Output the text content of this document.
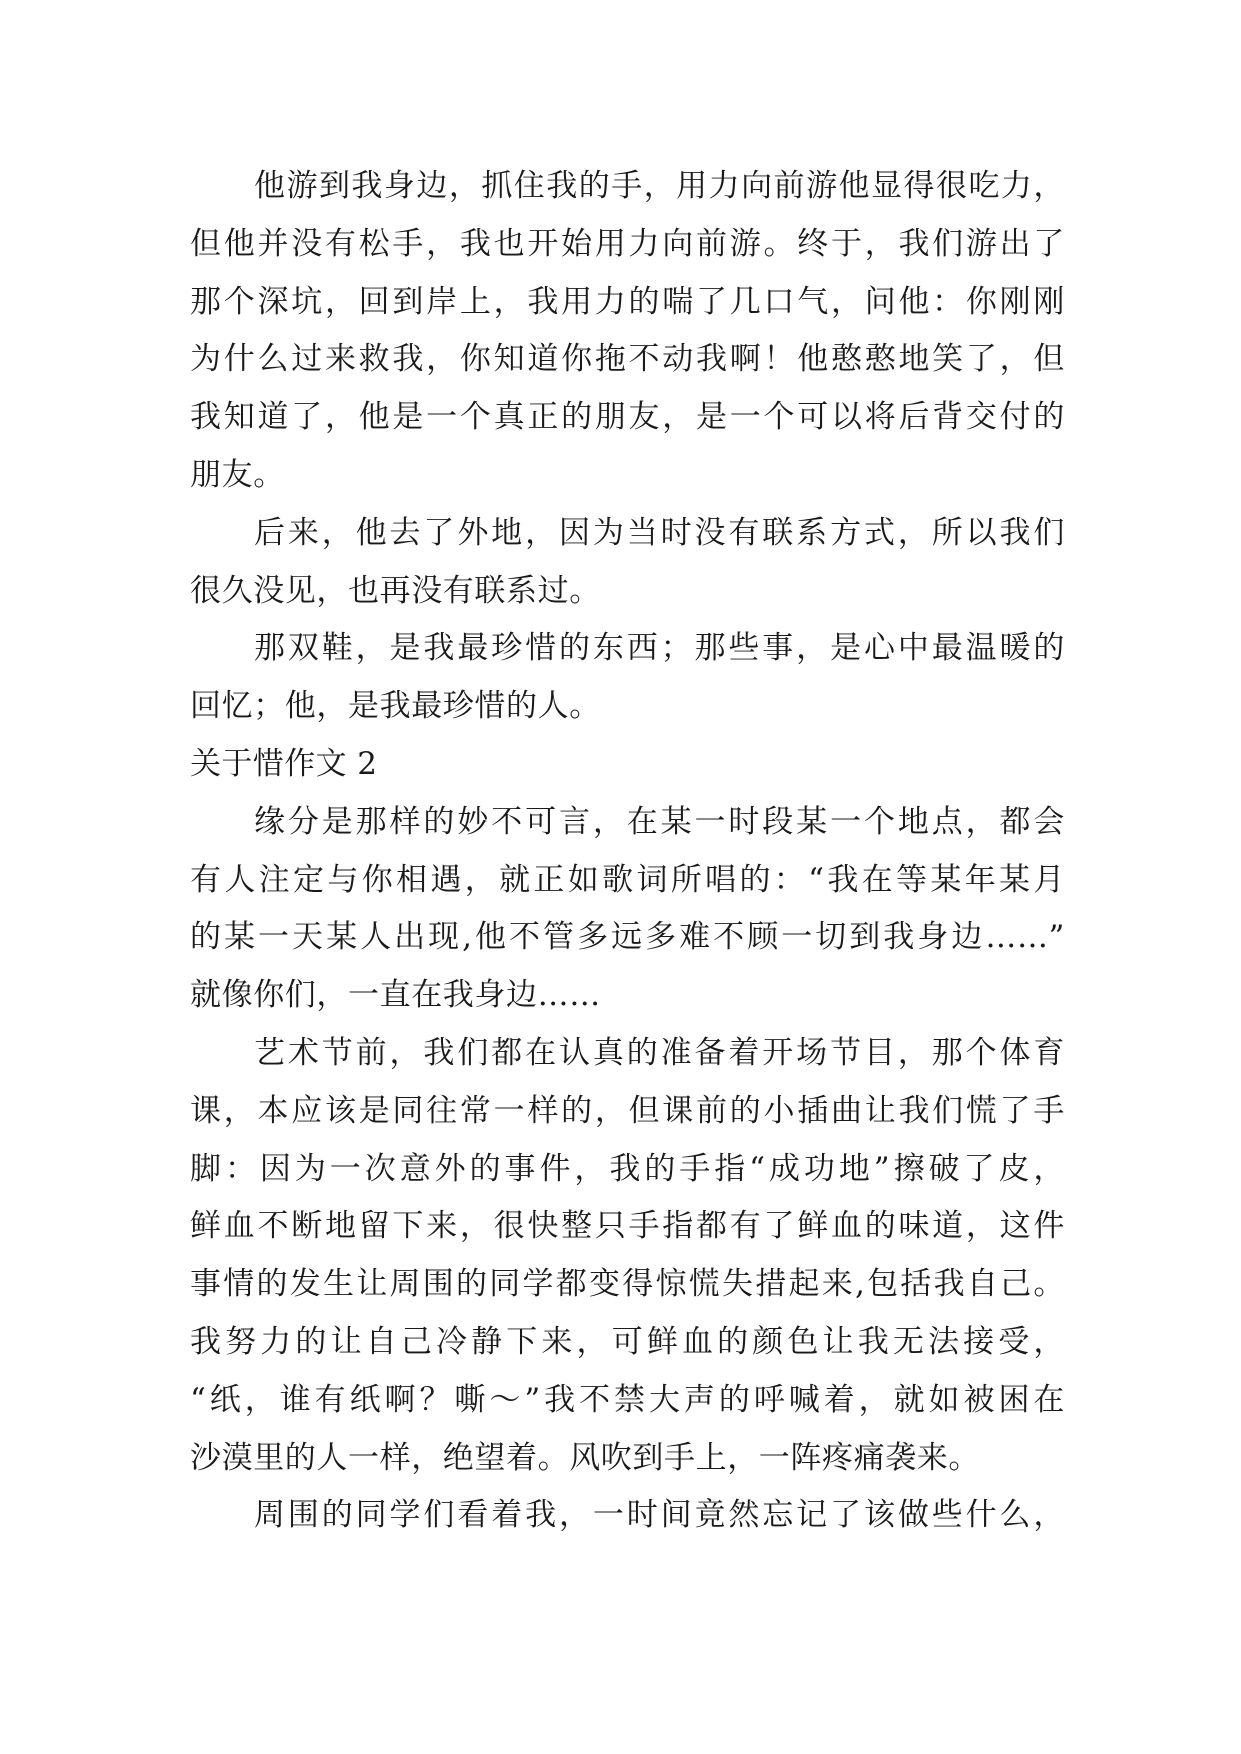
他游到我身边，抓住我的手，用力向前游他显得很吃力，
但他并没有松手，我也开始用力向前游。终于，我们游出了
那个深坑，回到岸上，我用力的喘了几口气，问他：你刚刚
为什么过来救我，你知道你拖不动我啊！他憨憨地笑了，但
我知道了，他是一个真正的朋友，是一个可以将后背交付的
朋友。
后来，他去了外地，因为当时没有联系方式，所以我们
很久没见，也再没有联系过。
那双鞋，是我最珍惜的东西；那些事，是心中最温暖的
回忆；他，是我最珍惜的人。
关于惜作文 2
缘分是那样的妙不可言，在某一时段某一个地点，都会
有人注定与你相遇，就正如歌词所唱的：“我在等某年某月
的某一天某人出现,他不管多远多难不顾一切到我身边……”
就像你们，一直在我身边……
艺术节前，我们都在认真的准备着开场节目，那个体育
课，本应该是同往常一样的，但课前的小插曲让我们慌了手
脚：因为一次意外的事件，我的手指“成功地”擦破了皮，
鲜血不断地留下来，很快整只手指都有了鲜血的味道，这件
事情的发生让周围的同学都变得惊慌失措起来,包括我自己。
我努力的让自己冷静下来，可鲜血的颜色让我无法接受，
“纸，谁有纸啊？嘶～”我不禁大声的呼喊着，就如被困在
沙漠里的人一样，绝望着。风吹到手上，一阵疼痛袭来。
周围的同学们看着我，一时间竟然忘记了该做些什么，
